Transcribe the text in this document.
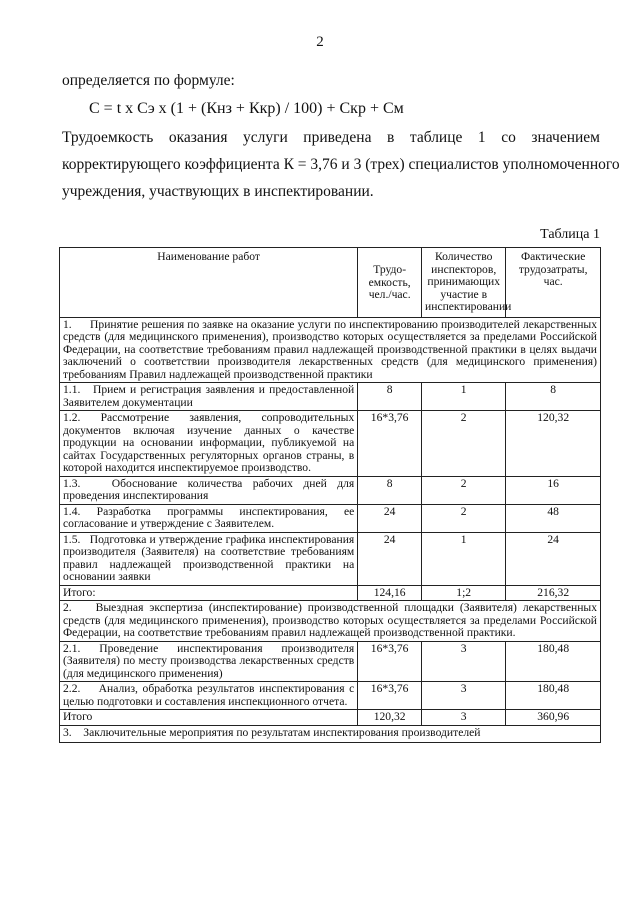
2
определяется по формуле:
C = t x Cэ x (1 + (Кнз + Ккр) / 100) + Скр + См
Трудоемкость оказания услуги приведена в таблице 1 со значением
корректирующего коэффициента К = 3,76 и 3 (трех) специалистов уполномоченного
учреждения, участвующих в инспектировании.
Таблица 1
Наименование работ	Трудо-емкость, чел./час.	Количество инспекторов, принимающих участие в инспектировании	Фактические трудозатраты, час.
1.      Принятие решения по заявке на оказание услуги по инспектированию производителей лекарственных средств (для медицинского применения), производство которых осуществляется за пределами Российской Федерации, на соответствие требованиям правил надлежащей производственной практики в целях выдачи заключений о соответствии производителя лекарственных средств (для медицинского применения) требованиям Правил надлежащей производственной практики			
1.1.   Прием и регистрация заявления и предоставленной Заявителем документации	8	1	8
1.2. Рассмотрение заявления, сопроводительных документов включая изучение данных о качестве продукции на основании информации, публикуемой на сайтах Государственных регуляторных органов страны, в которой находится инспектируемое производство.	16*3,76	2	120,32
1.3.   Обоснование количества рабочих дней для проведения инспектирования	8	2	16
1.4. Разработка программы инспектирования, ее согласование и утверждение с Заявителем.	24	2	48
1.5.   Подготовка и утверждение графика инспектирования производителя (Заявителя) на соответствие требованиям правил надлежащей производственной практики на основании заявки	24	1	24
Итого:	124,16	1;2	216,32
2.    Выездная экспертиза (инспектирование) производственной площадки (Заявителя) лекарственных средств (для медицинского применения), производство которых осуществляется за пределами Российской Федерации, на соответствие требованиям правил надлежащей производственной практики.			
2.1. Проведение инспектирования производителя (Заявителя) по месту производства лекарственных средств (для медицинского применения)	16*3,76	3	180,48
2.2.    Анализ, обработка результатов инспектирования с целью подготовки и составления инспекционного отчета.	16*3,76	3	180,48
Итого	120,32	3	360,96
3.    Заключительные мероприятия по результатам инспектирования производителей			
